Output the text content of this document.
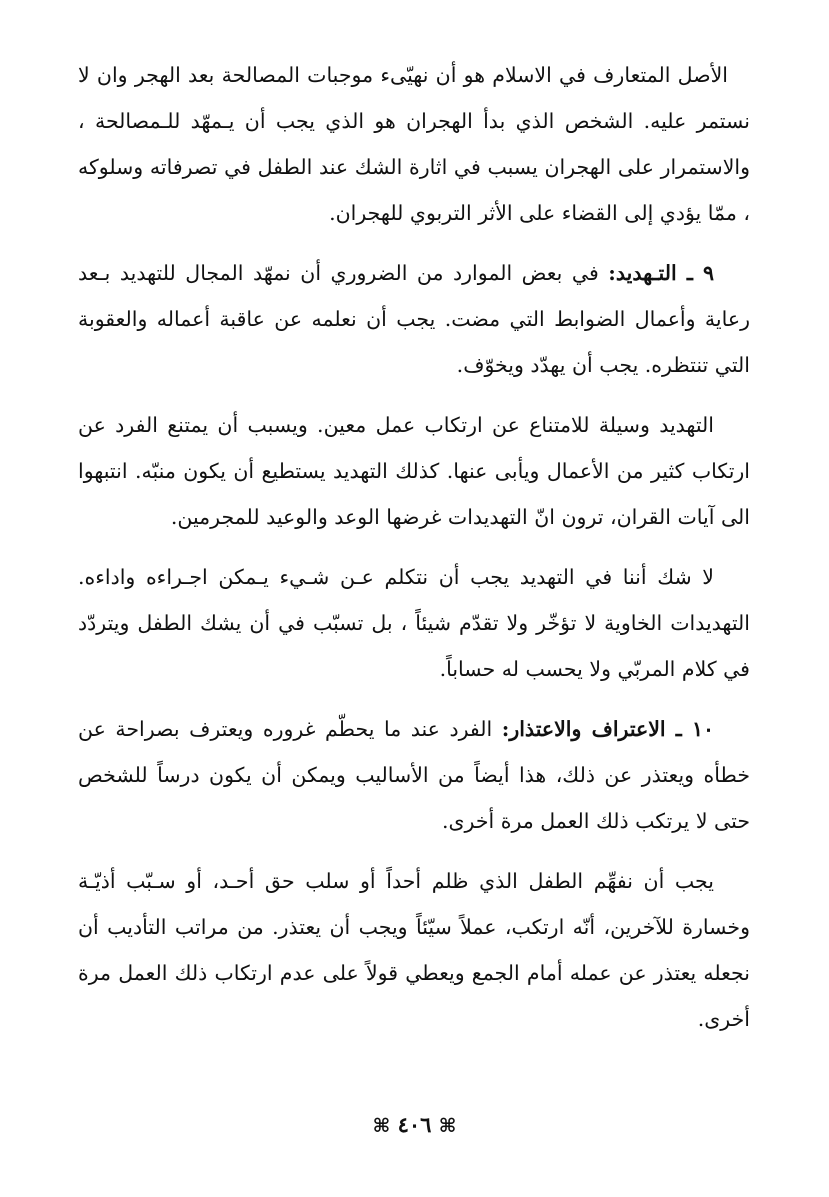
الأصل المتعارف في الاسلام هو أن نهيّىء موجبات المصالحة بعد الهجر وان لا نستمر عليه. الشخص الذي بدأ الهجران هو الذي يجب أن يـمهّد للـمصالحة ، والاستمرار على الهجران يسبب في اثارة الشك عند الطفل في تصرفاته وسلوكه ، ممّا يؤدي إلى القضاء على الأثر التربوي للهجران.

٩ ـ التـهديد: في بعض الموارد من الضروري أن نمهّد المجال للتهديد بـعد رعاية وأعمال الضوابط التي مضت. يجب أن نعلمه عن عاقبة أعماله والعقوبة التي تنتظره. يجب أن يهدّد ويخوّف.

التهديد وسيلة للامتناع عن ارتكاب عمل معين. ويسبب أن يمتنع الفرد عن ارتكاب كثير من الأعمال ويأبى عنها. كذلك التهديد يستطيع أن يكون منبّه. انتبهوا الى آيات القران، ترون انّ التهديدات غرضها الوعد والوعيد للمجرمين.

لا شك أننا في التهديد يجب أن نتكلم عـن شـيء يـمكن اجـراءه واداءه. التهديدات الخاوية لا تؤخّر ولا تقدّم شيئاً ، بل تسبّب في أن يشك الطفل ويتردّد في كلام المربّي ولا يحسب له حساباً.

١٠ ـ الاعتراف والاعتذار: الفرد عند ما يحطّم غروره ويعترف بصراحة عن خطأه ويعتذر عن ذلك، هذا أيضاً من الأساليب ويمكن أن يكون درساً للشخص حتى لا يرتكب ذلك العمل مرة أخرى.

يجب أن نفهِّم الطفل الذي ظلم أحداً أو سلب حق أحـد، أو سـبّب أذيّـة وخسارة للآخرين، أنّه ارتكب، عملاً سيّئاً ويجب أن يعتذر. من مراتب التأديب أن نجعله يعتذر عن عمله أمام الجمع ويعطي قولاً على عدم ارتكاب ذلك العمل مرة أخرى.

⌘ ٤٠٦ ⌘
